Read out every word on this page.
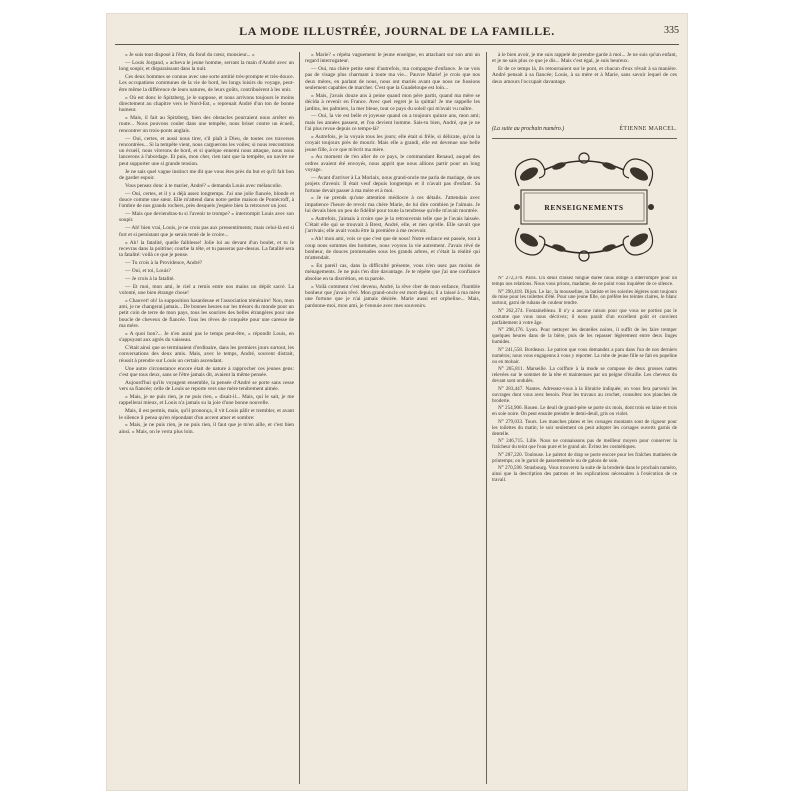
LA MODE ILLUSTRÉE, JOURNAL DE LA FAMILLE.	335

« Je suis tout disposé à l'être, du fond du cœur, monsieur... »

— Louis Jorgand, » acheva le jeune homme, serrant la main d'André avec un long soupir, et disparaissant dans la nuit.

Ces deux hommes se connus avec une sorte amitié très-prompte et très-douce. Les occupations communes de la vie de bord, les longs loisirs du voyage, peut-être même la différence de leurs natures, de leurs goûts, contribuèrent à les unir.

« Où est donc le Spitzberg, je le suppose, et nous arrivons toujours le moins directement au chapitre vers le Nord-Est, » reprenait André d'un ton de bonne humeur.

« Mais, il fait au Spitzberg, bien des obstacles pourraient nous arrêter en route... Nous pouvons couler dans une tempête, nous briser contre un écueil, rencontrer un trois-ponts anglais.

— Oui, certes, et aussi nous tirer, s'il plaît à Dieu, de toutes ces traverses rencontrées... Si la tempête vient, nous carguerons les voiles; si nous rencontrons un écueil, nous virerons de bord, et si quelque ennemi nous attaque, nous nous lancerons à l'abordage. Et puis, mon cher, rien tant que la tempête, un navire ne peut supporter une si grande tension.

Je ne sais quel vague instinct me dit que vous êtes près du but et qu'il fait bon de garder espoir.

Vous pensez donc à te marier, André? » demanda Louis avec mélancolie.

— Oui, certes, et il y a déjà assez longtemps. J'ai une jolie fiancée, blonde et douce comme une sœur. Elle m'attend dans notre petite maison de Pontécroff, à l'ombre de nos grands rochers, près desquels j'espère bien la retrouver un jour.

— Mais que deviendras-tu si l'avenir te trompe? » interrompit Louis avec son soupir.

— Ah! bien vrai, Louis, je ne crois pas aux pressentiments; mais celui-là est si fort et si persistant que je serais tenté de le croire...

« Ah! la fatalité, quelle faiblesse! Jolie loi au devant d'un boulet, et tu le recevras dans la poitrine; courbe la tête, et tu passeras par-dessus. La fatalité sera ta fatalité: voilà ce que je pense.

— Tu crois à la Providence, André?

— Oui, et toi, Louis?

— Je crois à la fatalité.

— Et moi, mon ami, le ciel a remis entre nos mains un dépôt sacré. La volonté, une bien étrange chose!

« Chauvet! oh! la supposition hasardeuse et l'association téméraire! Non, mon ami, je ne changerai jamais... De bonnes heures sur les trésors du monde pour un petit coin de terre de mon pays, tous les sourires des belles étrangères pour une boucle de cheveux de fiancée. Tous les rêves de conquête pour une caresse de ma mère.

« A quoi bon?... Je n'en aurai pas le temps peut-être, » répondit Louis, en s'appuyant aux agrès du vaisseau.

C'était ainsi que se terminaient d'ordinaire, dans les premiers jours surtout, les conversations des deux amis. Mais, avec le temps, André, souvent distrait, réussit à prendre sur Louis un certain ascendant.

Une autre circonstance encore était de nature à rapprocher ces jeunes gens: c'est que tous deux, sans se l'être jamais dit, avaient la même pensée.

Aujourd'hui qu'ils voyagent ensemble, la pensée d'André se porte sans cesse vers sa fiancée; celle de Louis se reporte vers une mère tendrement aimée.

« Mais, je ne puis rien, je ne puis rien, » disait-il... Mais, qui le sait, je me rappellerai mieux, et Louis n'a jamais su la joie d'une bonne nouvelle.

Mais, il est permis, mais, qu'il prononça, il vit Louis pâlir et trembler, et avant le silence il pensa qu'en répondant d'un accent amer et sombre:

« Mais, je ne puis rien, je ne puis rien, il faut que je m'en aille, et c'est bien ainsi. » Mais, on le verra plus loin.

« Marie? » répéta vaguement le jeune enseigne, en attachant sur son ami un regard interrogateur.

— Oui, ma chère petite sœur d'autrefois, ma compagne d'enfance. Je ne vois pas de visage plus charmant à toute ma vie... Pauvre Marie! je crois que nos deux mères, en parlant de nous, nous ont mariés avant que nous ne fussions seulement capables de marcher. C'est que la Guadeloupe est loin...

« Mais, j'avais douze ans à peine quand mon père partit, quand ma mère se décida à revenir en France. Avec quel regret je la quittai! Je me rappelle les jardins, les palmiers, la mer bleue, tout ce pays du soleil qui m'avait vu naître.

— Oui, la vie est belle et joyeuse quand on a toujours quinze ans, mon ami; mais les années passent, et l'on devient homme. Sais-tu bien, André, que je ne l'ai plus revue depuis ce temps-là?

« Autrefois, je la voyais tous les jours; elle était si frêle, si délicate, qu'on la croyait toujours près de mourir. Mais elle a grandi, elle est devenue une belle jeune fille, à ce que m'écrit ma mère.

« Au moment de t'en aller de ce pays, le commandant Renaud, auquel des ordres avaient été envoyés, nous apprit que nous allions partir pour un long voyage.

— Avant d'arriver à La Morlaix, nous grand-oncle me parla de mariage, de ses projets d'avenir. Il était veuf depuis longtemps et il n'avait pas d'enfant. Sa fortune devait passer à ma mère et à moi.

« Je ne prends qu'une attention médiocre à ces détails. J'attendais avec impatience l'heure de revoir ma chère Marie, de lui dire combien je l'aimais. Je lui devais bien un peu de fidélité pour toute la tendresse qu'elle m'avait montrée.

« Autrefois, j'aimais à croire que je la retrouverais telle que je l'avais laissée. C'était elle qui se trouvait à Brest, André, elle, et rien qu'elle. Elle savait que j'arrivais; elle avait voulu être la première à me recevoir.

« Ah! mon ami, vois ce que c'est que de nous! Notre enfance est passée, tout à coup nous sommes des hommes, nous voyons la vie autrement. J'avais rêvé de bonheur, de douces promenades sous les grands arbres, et c'était la réalité qui m'attendait.

« En pareil cas, dans la difficulté présente, vous n'en usez pas moins de ménagements. Je ne puis t'en dire davantage. Je te répète que j'ai une confiance absolue en ta discrétion, en ta parole.

« Voilà comment c'est devenu, André, la rêve cher de mon enfance, l'humble bonheur que j'avais rêvé. Mon grand-oncle est mort depuis; il a laissé à ma mère une fortune que je n'ai jamais désirée. Marie aussi est orpheline... Mais, pardonne-moi, mon ami, je t'ennuie avec mes souvenirs.

à le bien avoir, je me suis rappelé de prendre garde à moi... Je ne suis qu'un enfant, et je ne sais plus ce que je dis... Mais c'est égal, je suis heureux.

Et de ce temps là, ils retournaient sur le pont, et chacun d'eux rêvait à sa manière. André pensait à sa fiancée; Louis, à sa mère et à Marie, sans savoir lequel de ces deux amours l'occupait davantage.

(La suite au prochain numéro.)	ÉTIENNE MARCEL.
RENSEIGNEMENTS

N° 272,370. Paris. Un deuil d'assez longue durée nous oblige à interrompre pour un temps nos relations. Nous vous prions, madame, de ne point vous inquiéter de ce silence.

N° 290,418. Dijon. Le lac, la mousseline, la batiste et les soieries légères sont toujours de mise pour les toilettes d'été. Pour une jeune fille, on préfère les teintes claires, le blanc surtout, garni de rubans de couleur tendre.

N° 262,374. Fontainebleau. Il n'y a aucune raison pour que vous ne portiez pas le costume que vous nous décrivez; il nous paraît d'un excellent goût et convient parfaitement à votre âge.

N° 298,176. Lyon. Pour nettoyer les dentelles noires, il suffit de les faire tremper quelques heures dans de la bière, puis de les repasser légèrement entre deux linges humides.

N° 241,558. Bordeaux. Le patron que vous demandez a paru dans l'un de nos derniers numéros; nous vous engageons à vous y reporter. La robe de jeune fille se fait en popeline ou en mohair.

N° 265,811. Marseille. La coiffure à la mode se compose de deux grosses nattes relevées sur le sommet de la tête et maintenues par un peigne d'écaille. Les cheveux du devant sont ondulés.

N° 283,447. Nantes. Adressez-vous à la librairie indiquée; on vous fera parvenir les ouvrages dont vous avez besoin. Pour les travaux au crochet, consultez nos planches de broderie.

N° 254,906. Rouen. Le deuil de grand-père se porte six mois, dont trois en laine et trois en soie noire. On peut ensuite prendre le demi-deuil, gris ou violet.

N° 279,033. Tours. Les manches plates et les corsages montants sont de rigueur pour les toilettes du matin; le soir seulement on peut adopter les corsages ouverts garnis de dentelle.

N° 246,715. Lille. Nous ne connaissons pas de meilleur moyen pour conserver la fraîcheur du teint que l'eau pure et le grand air. Évitez les cosmétiques.

N° 287,220. Toulouse. Le paletot de drap se porte encore pour les fraîches matinées de printemps; on le garnit de passementerie ou de galons de soie.

N° 270,590. Strasbourg. Vous trouverez la suite de la broderie dans le prochain numéro, ainsi que la description des patrons et les explications nécessaires à l'exécution de ce travail.
